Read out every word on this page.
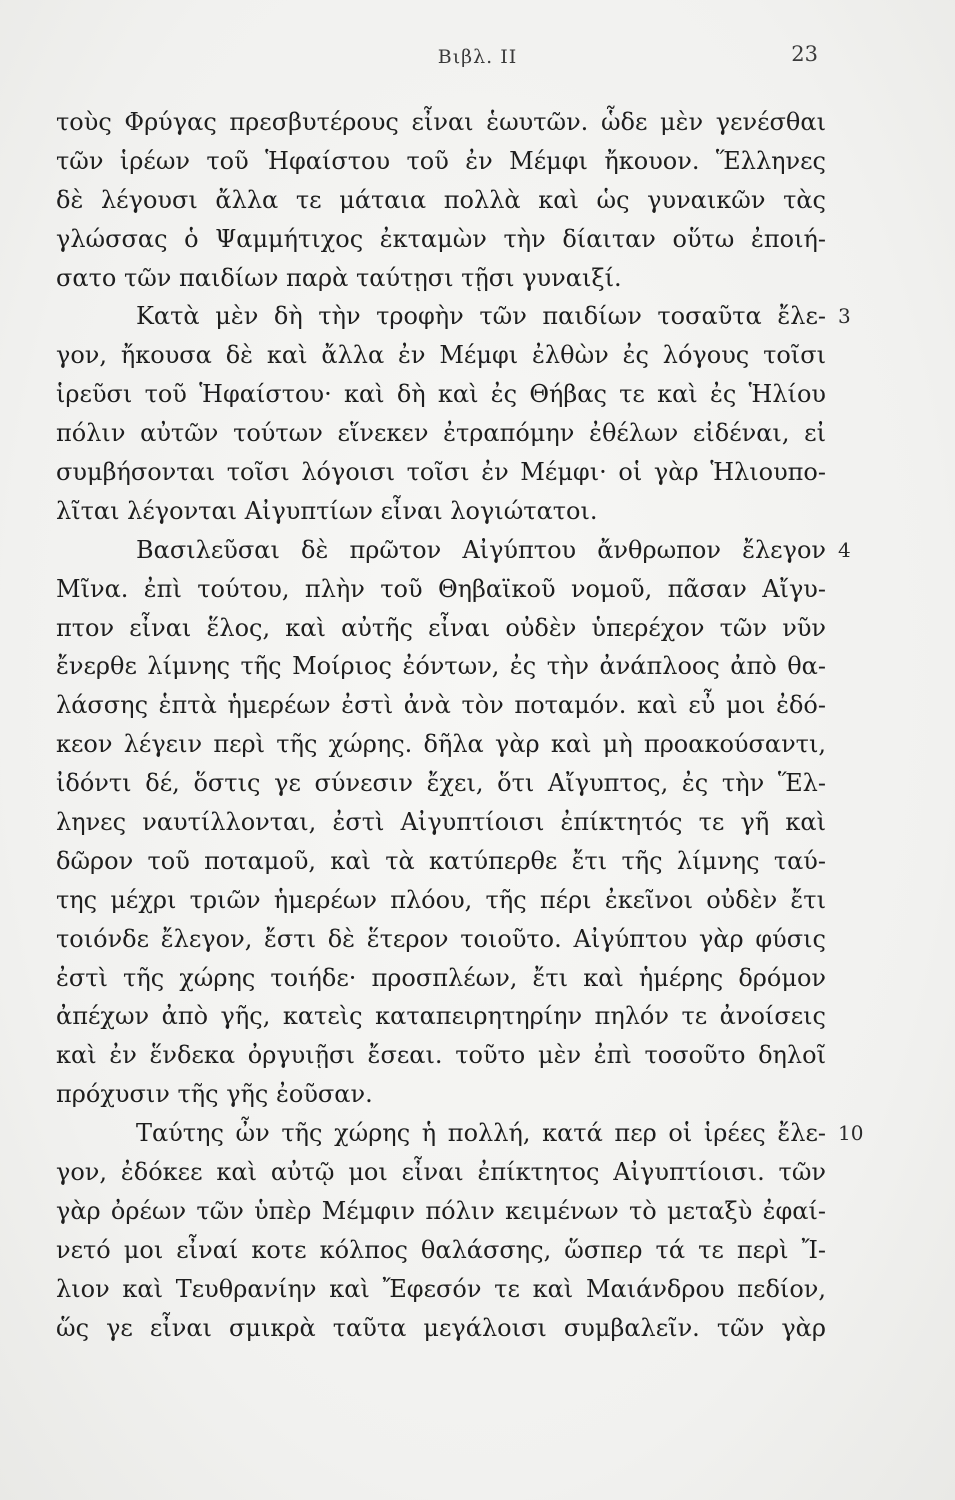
Βιβλ. II	23
τοὺς Φρύγας πρεσβυτέρους εἶναι ἑωυτῶν. ὧδε μὲν γενέσθαι
τῶν ἱρέων τοῦ Ἡφαίστου τοῦ ἐν Μέμφι ἤκουον. Ἕλληνες
δὲ λέγουσι ἄλλα τε μάταια πολλὰ καὶ ὡς γυναικῶν τὰς
γλώσσας ὁ Ψαμμήτιχος ἐκταμὼν τὴν δίαιταν οὕτω ἐποιή-
σατο τῶν παιδίων παρὰ ταύτῃσι τῇσι γυναιξί.
Κατὰ μὲν δὴ τὴν τροφὴν τῶν παιδίων τοσαῦτα ἔλε- 3
γον, ἤκουσα δὲ καὶ ἄλλα ἐν Μέμφι ἐλθὼν ἐς λόγους τοῖσι
ἱρεῦσι τοῦ Ἡφαίστου· καὶ δὴ καὶ ἐς Θήβας τε καὶ ἐς Ἡλίου
πόλιν αὐτῶν τούτων εἵνεκεν ἐτραπόμην ἐθέλων εἰδέναι, εἰ
συμβήσονται τοῖσι λόγοισι τοῖσι ἐν Μέμφι· οἱ γὰρ Ἡλιουπο-
λῖται λέγονται Αἰγυπτίων εἶναι λογιώτατοι.
Βασιλεῦσαι δὲ πρῶτον Αἰγύπτου ἄνθρωπον ἔλεγον 4
Μῖνα. ἐπὶ τούτου, πλὴν τοῦ Θηβαϊκοῦ νομοῦ, πᾶσαν Αἴγυ-
πτον εἶναι ἕλος, καὶ αὐτῆς εἶναι οὐδὲν ὑπερέχον τῶν νῦν
ἔνερθε λίμνης τῆς Μοίριος ἐόντων, ἐς τὴν ἀνάπλοος ἀπὸ θα-
λάσσης ἑπτὰ ἡμερέων ἐστὶ ἀνὰ τὸν ποταμόν. καὶ εὖ μοι ἐδό-
κεον λέγειν περὶ τῆς χώρης. δῆλα γὰρ καὶ μὴ προακούσαντι,
ἰδόντι δέ, ὅστις γε σύνεσιν ἔχει, ὅτι Αἴγυπτος, ἐς τὴν Ἕλ-
ληνες ναυτίλλονται, ἐστὶ Αἰγυπτίοισι ἐπίκτητός τε γῆ καὶ
δῶρον τοῦ ποταμοῦ, καὶ τὰ κατύπερθε ἔτι τῆς λίμνης ταύ-
της μέχρι τριῶν ἡμερέων πλόου, τῆς πέρι ἐκεῖνοι οὐδὲν ἔτι
τοιόνδε ἔλεγον, ἔστι δὲ ἕτερον τοιοῦτο. Αἰγύπτου γὰρ φύσις
ἐστὶ τῆς χώρης τοιήδε· προσπλέων, ἔτι καὶ ἡμέρης δρόμον
ἀπέχων ἀπὸ γῆς, κατεὶς καταπειρητηρίην πηλόν τε ἀνοίσεις
καὶ ἐν ἕνδεκα ὀργυιῇσι ἔσεαι. τοῦτο μὲν ἐπὶ τοσοῦτο δηλοῖ
πρόχυσιν τῆς γῆς ἐοῦσαν.
Ταύτης ὦν τῆς χώρης ἡ πολλή, κατά περ οἱ ἱρέες ἔλε- 10
γον, ἐδόκεε καὶ αὐτῷ μοι εἶναι ἐπίκτητος Αἰγυπτίοισι. τῶν
γὰρ ὀρέων τῶν ὑπὲρ Μέμφιν πόλιν κειμένων τὸ μεταξὺ ἐφαί-
νετό μοι εἶναί κοτε κόλπος θαλάσσης, ὥσπερ τά τε περὶ Ἴ-
λιον καὶ Τευθρανίην καὶ Ἔφεσόν τε καὶ Μαιάνδρου πεδίον,
ὥς γε εἶναι σμικρὰ ταῦτα μεγάλοισι συμβαλεῖν. τῶν γὰρ
